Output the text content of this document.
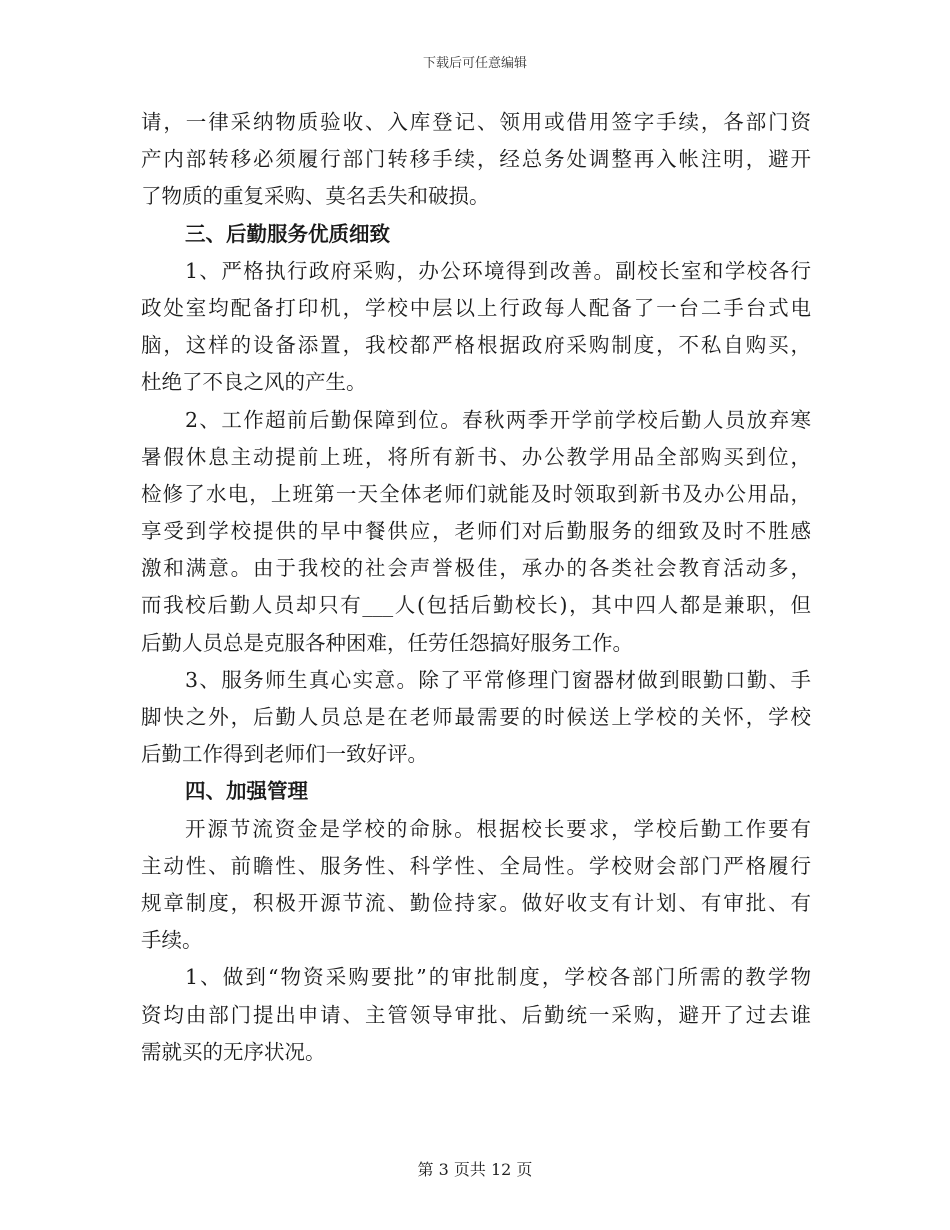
下载后可任意编辑
请，一律采纳物质验收、入库登记、领用或借用签字手续，各部门资
产内部转移必须履行部门转移手续，经总务处调整再入帐注明，避开
了物质的重复采购、莫名丢失和破损。
三、后勤服务优质细致
1、严格执行政府采购，办公环境得到改善。副校长室和学校各行
政处室均配备打印机，学校中层以上行政每人配备了一台二手台式电
脑，这样的设备添置，我校都严格根据政府采购制度，不私自购买，
杜绝了不良之风的产生。
2、工作超前后勤保障到位。春秋两季开学前学校后勤人员放弃寒
暑假休息主动提前上班，将所有新书、办公教学用品全部购买到位，
检修了水电，上班第一天全体老师们就能及时领取到新书及办公用品，
享受到学校提供的早中餐供应，老师们对后勤服务的细致及时不胜感
激和满意。由于我校的社会声誉极佳，承办的各类社会教育活动多，
而我校后勤人员却只有___人(包括后勤校长)，其中四人都是兼职，但
后勤人员总是克服各种困难，任劳任怨搞好服务工作。
3、服务师生真心实意。除了平常修理门窗器材做到眼勤口勤、手
脚快之外，后勤人员总是在老师最需要的时候送上学校的关怀，学校
后勤工作得到老师们一致好评。
四、加强管理
开源节流资金是学校的命脉。根据校长要求，学校后勤工作要有
主动性、前瞻性、服务性、科学性、全局性。学校财会部门严格履行
规章制度，积极开源节流、勤俭持家。做好收支有计划、有审批、有
手续。
1、做到“物资采购要批”的审批制度，学校各部门所需的教学物
资均由部门提出申请、主管领导审批、后勤统一采购，避开了过去谁
需就买的无序状况。
第 3 页共 12 页
